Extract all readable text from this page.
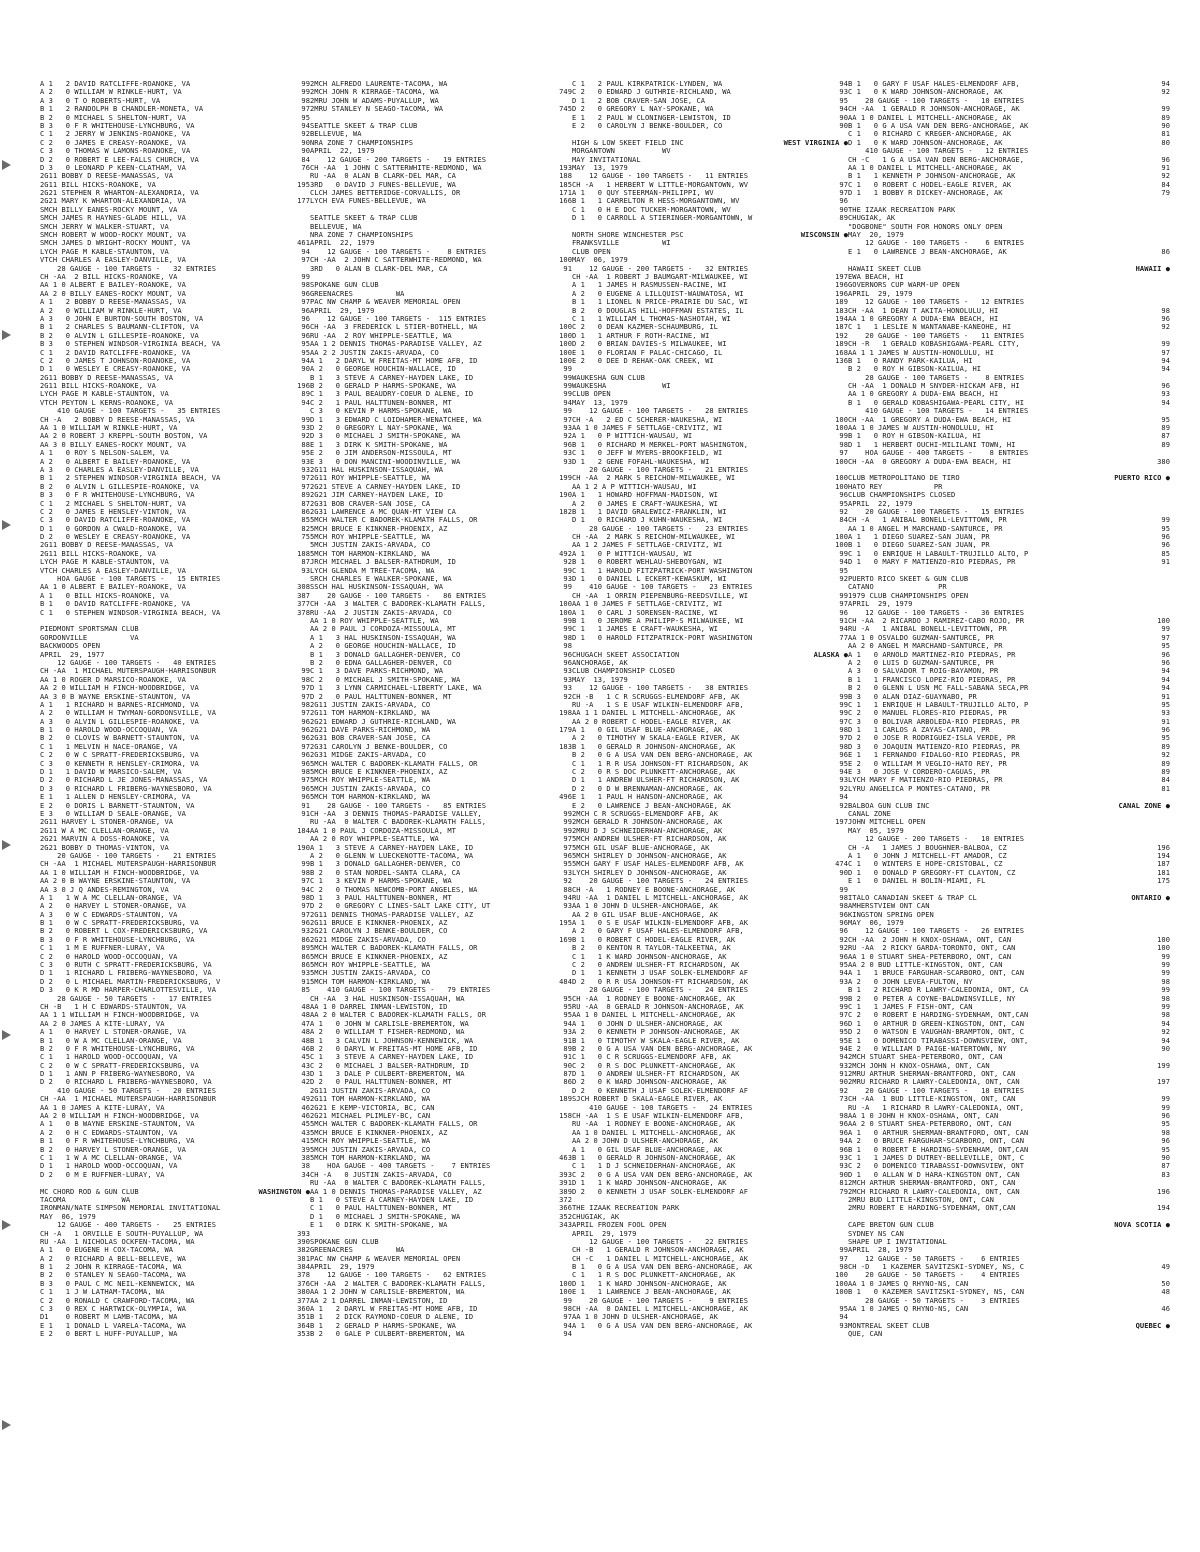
A 1   2 DAVID RATCLIFFE-ROANOKE, VA	99
A 2   0 WILLIAM W RINKLE-HURT, VA	99
A 3   0 T O ROBERTS-HURT, VA	98
B 1   2 RANDOLPH B CHANDLER-MONETA, VA	97
B 2   0 MICHAEL S SHELTON-HURT, VA	95
B 3   0 F R WHITEHOUSE-LYNCHBURG, VA	94
C 1   2 JERRY W JENKINS-ROANOKE, VA	92
C 2   0 JAMES E CREASY-ROANOKE, VA	90
C 3   0 THOMAS W LAMONS-ROANOKE, VA	90
D 2   0 ROBERT E LEE-FALLS CHURCH, VA	84
D 3   0 LEONARD P KEEN-CLATHAM, VA	76
2G11 BOBBY D REESE-MANASSAS, VA
2G11 BILL HICKS-ROANOKE, VA	195
2G21 STEPHEN R WHARTON-ALEXANDRIA, VA
2G21 MARY K WHARTON-ALEXANDRIA, VA	177
SMCH BILLY EANES-ROCKY MOUNT, VA
SMCH JAMES R HAYNES-GLADE HILL, VA
SMCH JERRY W WALKER-STUART, VA
SMCH ROBERT W WOOD-ROCKY MOUNT, VA
SMCH JAMES D WRIGHT-ROCKY MOUNT, VA	461
LYCH PAGE M KABLE-STAUNTON, VA	94
VTCH CHARLES A EASLEY-DANVILLE, VA	97
28 GAUGE - 100 TARGETS -   32 ENTRIES
CH -AA  2 BILL HICKS-ROANOKE, VA	99
AA 1 0 ALBERT E BAILEY-ROANOKE, VA	98
AA 2 0 BILLY EANES-ROCKY MOUNT, VA	96
A 1   2 BOBBY D REESE-MANASSAS, VA	97
A 2   0 WILLIAM W RINKLE-HURT, VA	96
A 3   0 JOHN E BURTON-SOUTH BOSTON, VA	96
B 1   2 CHARLES S BAUMANN-CLIFTON, VA	96
B 2   0 ALVIN L GILLESPIE-ROANOKE, VA	96
B 3   0 STEPHEN WINDSOR-VIRGINIA BEACH, VA	95
C 1   2 DAVID RATCLIFFE-ROANOKE, VA	95
C 2   0 JAMES T JOHNSON-ROANOKE, VA	94
D 1   0 WESLEY E CREASY-ROANOKE, VA	90
2G11 BOBBY D REESE-MANASSAS, VA
2G11 BILL HICKS-ROANOKE, VA	196
LYCH PAGE M KABLE-STAUNTON, VA	89
VTCH PEYTON L KERNS-ROANOKE, VA	94
410 GAUGE - 100 TARGETS -   35 ENTRIES
CH -A   2 BOBBY D REESE-MANASSAS, VA	99
AA 1 0 WILLIAM W RINKLE-HURT, VA	93
AA 2 0 ROBERT J KREPPL-SOUTH BOSTON, VA	92
AA 3 0 BILLY EANES-ROCKY MOUNT, VA	88
A 1   0 ROY S NELSON-SALEM, VA	95
A 2   0 ALBERT E BAILEY-ROANOKE, VA	93
A 3   0 CHARLES A EASLEY-DANVILLE, VA	93
B 1   2 STEPHEN WINDSOR-VIRGINIA BEACH, VA	97
B 2   0 ALVIN L GILLESPIE-ROANOKE, VA	97
B 3   0 F R WHITEHOUSE-LYNCHBURG, VA	89
C 1   2 MICHAEL S SHELTON-HURT, VA	87
C 2   0 JAMES E HENSLEY-VINTON, VA	86
C 3   0 DAVID RATCLIFFE-ROANOKE, VA	85
D 1   0 GORDON A CWALD-ROANOKE, VA	82
D 2   0 WESLEY E CREASY-ROANOKE, VA	75
2G11 BOBBY D REESE-MANASSAS, VA
2G11 BILL HICKS-ROANOKE, VA	188
LYCH PAGE M KABLE-STAUNTON, VA	87
VTCH CHARLES A EASLEY-DANVILLE, VA	93
HOA GAUGE - 100 TARGETS -   15 ENTRIES
AA 1 0 ALBERT E BAILEY-ROANOKE, VA	308
A 1   0 BILL HICKS-ROANOKE, VA	387
B 1   0 DAVID RATCLIFFE-ROANOKE, VA	377
C 1   0 STEPHEN WINDSOR-VIRGINIA BEACH, VA	378
PIEDMONT SPORTSMAN CLUB
GORDONVILLE          VA
BACKWOODS OPEN
APRIL  29, 1977
12 GAUGE - 100 TARGETS -   40 ENTRIES
CH -AA  1 MICHAEL MUTERSPAUGH-HARRISONBUR	99
AA 1 0 ROGER D MARSICO-ROANOKE, VA	98
AA 2 0 WILLIAM H FINCH-WOODBRIDGE, VA	97
AA 3 0 B WAYNE ERSKINE-STAUNTON, VA	97
A 1   1 RICHARD H BARNES-RICHMOND, VA	98
A 2   0 WILLIAM H TWYMAN-GORDONSVILLE, VA	97
A 3   0 ALVIN L GILLESPIE-ROANOKE, VA	96
B 1   0 HAROLD WOOD-OCCOQUAN, VA	96
B 2   0 CLOVIS W BARNETT-STAUNTON, VA	96
C 1   1 MELVIN H NACE-ORANGE, VA	97
C 2   0 W C SPRATT-FREDERICKSBURG, VA	96
C 3   0 KENNETH R HENSLEY-CRIMORA, VA	96
D 1   1 DAVID W MARSICO-SALEM, VA	98
D 2   0 RICHARD L JE JONES-MANASSAS, VA	97
D 3   0 RICHARD L FRIBERG-WAYNESBORO, VA	96
E 1   1 ALLEN D HENSLEY-CRIMORA, VA	96
E 2   0 DORIS L BARNETT-STAUNTON, VA	91
E 3   0 WILLIAM D SEALE-ORANGE, VA	91
2G11 HARVEY L STONER-ORANGE, VA
2G11 W A MC CLELLAN-ORANGE, VA	184
2G21 MARVIN A DOSS-ROANOKE, VA
2G21 BOBBY D THOMAS-VINTON, VA	190
20 GAUGE - 100 TARGETS -   21 ENTRIES
CH -AA  1 MICHAEL MUTERSPAUGH-HARRISONBUR	99
AA 1 0 WILLIAM H FINCH-WOODBRIDGE, VA	98
AA 2 0 B WAYNE ERSKINE-STAUNTON, VA	97
AA 3 0 J Q ANDES-REMINGTON, VA	94
A 1   1 W A MC CLELLAN-ORANGE, VA	98
A 2   0 HARVEY L STONER-ORANGE, VA	97
A 3   0 W C EDWARDS-STAUNTON, VA	97
B 1   0 W C SPRATT-FREDERICKSBURG, VA	96
B 2   0 ROBERT L COX-FREDERICKSBURG, VA	93
B 3   0 F R WHITEHOUSE-LYNCHBURG, VA	86
C 1   1 M E RUFFNER-LURAY, VA	89
C 2   0 HAROLD WOOD-OCCOQUAN, VA	86
C 3   0 RUTH C SPRATT-FREDERICKSBURG, VA	86
D 1   1 RICHARD L FRIBERG-WAYNESBORO, VA	93
D 2   0 L MICHAEL MARTIN-FREDERICKSBURG, V	91
D 3   0 K R MD HARPER-CHARLOTTESVILLE, VA	85
28 GAUGE - 50 TARGETS -   17 ENTRIES
CH -B   1 H C EDWARDS-STAUNTON, VA	48
AA 1 1 WILLIAM H FINCH-WOODBRIDGE, VA	48
AA 2 0 JAMES A KITE-LURAY, VA	47
A 1   0 HARVEY L STONER-ORANGE, VA	48
B 1   0 W A MC CLELLAN-ORANGE, VA	48
B 2   0 F R WHITEHOUSE-LYNCHBURG, VA	46
C 1   1 HAROLD WOOD-OCCOQUAN, VA	45
C 2   0 W C SPRATT-FREDERICKSBURG, VA	43
D 1   1 ANN P FRIBERG-WAYNESBORO, VA	43
D 2   0 RICHARD L FRIBERG-WAYNESBORO, VA	42
410 GAUGE - 50 TARGETS -   20 ENTRIES
CH -AA  1 MICHAEL MUTERSPAUGH-HARRISONBUR	49
AA 1 0 JAMES A KITE-LURAY, VA	46
AA 2 0 WILLIAM H FINCH-WOODBRIDGE, VA	46
A 1   0 B WAYNE ERSKINE-STAUNTON, VA	45
A 2   0 H C EDWARDS-STAUNTON, VA	43
B 1   0 F R WHITEHOUSE-LYNCHBURG, VA	41
B 2   0 HARVEY L STONER-ORANGE, VA	39
C 1   1 W A MC CLELLAN-ORANGE, VA	38
D 1   1 HAROLD WOOD-OCCOQUAN, VA	38
D 2   0 M E RUFFNER-LURAY, VA	34
MC CHORD ROD & GUN CLUB	WASHINGTON ●
TACOMA             WA
IRONMAN/NATE SIMPSON MEMORIAL INVITATIONAL
MAY  06, 1979
12 GAUGE - 400 TARGETS -   25 ENTRIES
CH -A   1 ORVILLE E SOUTH-PUYALLUP, WA	393
RU -AA  1 NICHOLAS OCKFEN-TACOMA, WA	390
A 1   0 EUGENE H COX-TACOMA, WA	382
A 2   0 RICHARD A BELL-BELLEVE, WA	381
B 1   2 JOHN R KIRRAGE-TACOMA, WA	384
B 2   0 STANLEY N SEAGO-TACOMA, WA	378
B 3   0 PAUL C MC NEIL-KENNEWICK, WA	376
C 1   1 J W LATHAM-TACOMA, WA	380
C 2   0 RONALD C CRAWFORD-TACOMA, WA	377
C 3   0 REX C HARTWICK-OLYMPIA, WA	360
D1    0 ROBERT M LAMB-TACOMA, WA	351
E 1   1 DONALD L VARELA-TACOMA, WA	364
E 2   0 BERT L HUFF-PUYALLUP, WA	353
2MCH ALFREDO LAURENTE-TACOMA, WA
2MCH JOHN R KIRRAGE-TACOMA, WA	749
2MRU JOHN W ADAMS-PUYALLUP, WA
2MRU STANLEY N SEAGO-TACOMA, WA	745
SEATTLE SKEET & TRAP CLUB
BELLEVUE, WA
NRA ZONE 7 CHAMPIONSHIPS
APRIL  22, 1979
12 GAUGE - 200 TARGETS -   19 ENTRIES
CH -AA  1 JOHN C SATTERWHITE-REDMOND, WA	193
RU -AA  0 ALAN B CLARK-DEL MAR, CA	188
3RD   0 DAVID J FUNES-BELLEVUE, WA	185
CLCH JAMES BETTERIDGE-CORVALLIS, OR	171
LYCH EVA FUNES-BELLEVUE, WA	166
SEATTLE SKEET & TRAP CLUB
BELLEVUE, WA
NRA ZONE 7 CHAMPIONSHIPS
APRIL  22, 1979
12 GAUGE - 100 TARGETS -    8 ENTRIES
CH -AA  2 JOHN C SATTERWHITE-REDMOND, WA	100
3RD   0 ALAN B CLARK-DEL MAR, CA	91
SPOKANE GUN CLUB
GREENACRES          WA
PAC NW CHAMP & WEAVER MEMORIAL OPEN
APRIL  29, 1979
12 GAUGE - 100 TARGETS -  115 ENTRIES
CH -AA  3 FREDERICK L STIER-BOTHELL, WA	100
RU -AA  2 ROY WHIPPLE-SEATTLE, WA	100
AA 1 2 DENNIS THOMAS-PARADISE VALLEY, AZ	100
AA 2 2 JUSTIN ZAKIS-ARVADA, CO	100
A 1   2 DARYL W FREITAS-MT HOME AFB, ID	100
A 2   0 GEORGE HOUCHIN-WALLACE, ID	99
B 1   3 STEVE A CARNEY-HAYDEN LAKE, ID	99
B 2   0 GERALD P HARMS-SPOKANE, WA	99
C 1   3 PAUL BEAUDRY-COEUR D ALENE, ID	99
C 2   1 PAUL HALTTUNEN-BONNER, MT	94
C 3   0 KEVIN P HARMS-SPOKANE, WA	99
D 1   3 EDWARD C LOIDHAMER-WENATCHEE, WA	97
D 2   0 GREGORY L NAY-SPOKANE, WA	93
D 3   0 MICHAEL J SMITH-SPOKANE, WA	92
E 1   3 DIRK K SMITH-SPOKANE, WA	96
E 2   0 JIM ANDERSON-MISSOULA, MT	93
E 3   0 DON MANCINI-WOODINVILLE, WA	93
2G11 HAL HUSKINSON-ISSAQUAH, WA
2G11 ROY WHIPPLE-SEATTLE, WA	199
2G21 STEVE A CARNEY-HAYDEN LAKE, ID
2G21 JIM CARNEY-HAYDEN LAKE, ID	190
2G31 BOB CRAVER-SAN JOSE, CA
2G31 LAWRENCE A MC QUAN-MT VIEW CA	182
5MCH WALTER C BADOREK-KLAMATH FALLS, OR
5MCH BRUCE E KINKNER-PHOENIX, AZ
5MCH ROY WHIPPLE-SEATTLE, WA
5MCH JUSTIN ZAKIS-ARVADA, CO
5MCH TOM HARMON-KIRKLAND, WA	492
JRCH MICHAEL J BALSER-RATHDRUM, ID	92
LYCH GLENDA M TREE-TACOMA, WA	99
SRCH CHARLES E WALKER-SPOKANE, WA	93
SSCH HAL HUSKINSON-ISSAQUAH, WA	99
20 GAUGE - 100 TARGETS -   86 ENTRIES
CH -AA  3 WALTER C BADOREK-KLAMATH FALLS,	100
RU -AA  2 JUSTIN ZAKIS-ARVADA, CO	100
AA 1 0 ROY WHIPPLE-SEATTLE, WA	99
AA 2 0 PAUL J CORDOZA-MISSOULA, MT	99
A 1   3 HAL HUSKINSON-ISSAQUAH, WA	98
A 2   0 GEORGE HOUCHIN-WALLACE, ID	98
B 1   3 DONALD GALLAGHER-DENVER, CO	96
B 2   0 EDNA GALLAGHER-DENVER, CO	96
C 1   3 DAVE PARKS-RICHMOND, WA	93
C 2   0 MICHAEL J SMITH-SPOKANE, WA	93
D 1   3 LYNN CARMICHAEL-LIBERTY LAKE, WA	93
D 2   0 PAUL HALTTUNEN-BONNER, MT	92
2G11 JUSTIN ZAKIS-ARVADA, CO
2G11 TOM HARMON-KIRKLAND, WA	198
2G21 EDWARD J GUTHRIE-RICHLAND, WA
2G21 DAVE PARKS-RICHMOND, WA	179
2G31 BOB CRAVER-SAN JOSE, CA
2G31 CAROLYN J BENKE-BOULDER, CO	183
2G31 MIDGE ZAKIS-ARVADA, CO
5MCH WALTER C BADOREK-KLAMATH FALLS, OR
5MCH BRUCE E KINKNER-PHOENIX, AZ
5MCH ROY WHIPPLE-SEATTLE, WA
5MCH JUSTIN ZAKIS-ARVADA, CO
5MCH TOM HARMON-KIRKLAND, WA	496
28 GAUGE - 100 TARGETS -   85 ENTRIES
CH -AA  3 DENNIS THOMAS-PARADISE VALLEY,	99
RU -AA  0 WALTER C BADOREK-KLAMATH FALLS,	99
AA 1 0 PAUL J CORDOZA-MISSOULA, MT	99
AA 2 0 ROY WHIPPLE-SEATTLE, WA	97
A 1   3 STEVE A CARNEY-HAYDEN LAKE, ID	97
A 2   0 GLENN W LUECKENOTTE-TACOMA, WA	96
B 1   3 DONALD GALLAGHER-DENVER, CO	95
B 2   0 STAN NORDEL-SANTA CLARA, CA	93
C 1   3 KEVIN P HARMS-SPOKANE, WA	92
C 2   0 THOMAS NEWCOMB-PORT ANGELES, WA	88
D 1   3 PAUL HALTTUNEN-BONNER, MT	94
D 2   0 GREGORY C LINES-SALT LAKE CITY, UT	93
2G11 DENNIS THOMAS-PARADISE VALLEY, AZ
2G11 BRUCE E KINKNER-PHOENIX, AZ	195
2G21 CAROLYN J BENKE-BOULDER, CO
2G21 MIDGE ZAKIS-ARVADA, CO	169
5MCH WALTER C BADOREK-KLAMATH FALLS, OR
5MCH BRUCE E KINKNER-PHOENIX, AZ
5MCH ROY WHIPPLE-SEATTLE, WA
5MCH JUSTIN ZAKIS-ARVADA, CO
5MCH TOM HARMON-KIRKLAND, WA	484
410 GAUGE - 100 TARGETS -   79 ENTRIES
CH -AA  3 HAL HUSKINSON-ISSAQUAH, WA	95
AA 1 0 DARREL INMAN-LEWISTON, ID	95
AA 2 0 WALTER C BADOREK-KLAMATH FALLS, OR	95
A 1   0 JOHN W CARLISLE-BREMERTON, WA	94
A 2   0 WILLIAM T FISHER-REDMOND, WA	93
B 1   3 CALVIN L JOHNSON-KENNEWICK, WA	91
B 2   0 DARYL W FREITAS-MT HOME AFB, ID	89
C 1   3 STEVE A CARNEY-HAYDEN LAKE, ID	91
C 2   0 MICHAEL J BALSER-RATHDRUM, ID	90
D 1   3 DALE P CULBERT-BREMERTON, WA	87
D 2   0 PAUL HALTTUNEN-BONNER, MT	86
2G11 JUSTIN ZAKIS-ARVADA, CO
2G11 TOM HARMON-KIRKLAND, WA	189
2G21 E KEMP-VICTORIA, BC, CAN
2G21 MICHAEL PLIMLEY-BC, CAN	158
5MCH WALTER C BADOREK-KLAMATH FALLS, OR
5MCH BRUCE E KINKNER-PHOENIX, AZ
5MCH ROY WHIPPLE-SEATTLE, WA
5MCH JUSTIN ZAKIS-ARVADA, CO
5MCH TOM HARMON-KIRKLAND, WA	463
HOA GAUGE - 400 TARGETS -    7 ENTRIES
CH -A   0 JUSTIN ZAKIS-ARVADA, CO	393
RU -AA  0 WALTER C BADOREK-KLAMATH FALLS,	391
AA 1 0 DENNIS THOMAS-PARADISE VALLEY, AZ	389
B 1   0 STEVE A CARNEY-HAYDEN LAKE, ID	372
C 1   0 PAUL HALTTUNEN-BONNER, MT	366
D 1   0 MICHAEL J SMITH-SPOKANE, WA	352
E 1   0 DIRK K SMITH-SPOKANE, WA	343
SPOKANE GUN CLUB
GREENACRES          WA
PAC NW CHAMP & WEAVER MEMORIAL OPEN
APRIL  29, 1979
12 GAUGE - 100 TARGETS -   62 ENTRIES
CH -AA  2 WALTER C BADOREK-KLAMATH FALLS,	100
AA 1 2 JOHN W CARLISLE-BREMERTON, WA	100
AA 2 1 DARREL INMAN-LEWISTON, ID	99
A 1   2 DARYL W FREITAS-MT HOME AFB, ID	98
B 1   2 DICK RAYMOND-COEUR D ALENE, ID	97
B 1   2 GERALD P HARMS-SPOKANE, WA	94
B 2   0 GALE P CULBERT-BREMERTON, WA	94
C 1   2 PAUL KIRKPATRICK-LYNDEN, WA	94
C 2   0 EDWARD J GUTHRIE-RICHLAND, WA	93
D 1   2 BOB CRAVER-SAN JOSE, CA	95
D 2   0 GREGORY L NAY-SPOKANE, WA	94
E 1   2 PAUL W CLONINGER-LEWISTON, ID	90
E 2   0 CAROLYN J BENKE-BOULDER, CO	90
HIGH & LOW SKEET FIELD INC	WEST VIRGINIA ●
MORGANTOWN           WV
MAY INVITATIONAL
MAY  13, 1979
12 GAUGE - 100 TARGETS -   11 ENTRIES
CH -A   1 HERBERT W LITTLE-MORGANTOWN, WV	97
A 1   0 QUY STEERMAN-PHILIPPI, WV	97
B 1   1 CARRELTON R HESS-MORGANTOWN, WV	96
C 1   0 H E DOC TUCKER-MORGANTOWN, WV	90
D 1   0 CARROLL A STIERINGER-MORGANTOWN, W	89
NORTH SHORE WINCHESTER PSC	WISCONSIN ●
FRANKSVILLE          WI
CLUB OPEN
MAY  06, 1979
12 GAUGE - 200 TARGETS -   32 ENTRIES
CH -AA  1 ROBERT J BAUMGART-MILWAUKEE, WI	197
A 1   1 JAMES H RASMUSSEN-RACINE, WI	196
A 2   0 EUGENE A LILLQUIST-WAUWATOSA, WI	196
B 1   1 LIONEL N PRICE-PRAIRIE DU SAC, WI	189
B 2   0 DOUGLAS HILL-HOFFMAN ESTATES, IL	183
C 1   1 WILLIAM L THOMAS-NASHOTAH, WI	194
C 2   0 DEAN KAZMER-SCHAUMBURG, IL	187
D 1   1 ARTHUR F ROTH-RACINE, WI	192
D 2   0 BRIAN DAVIES-S MILWAUKEE, WI	189
E 1   0 FLORIAN F PALAC-CHICAGO, IL	168
E 2   0 DEE D REHAK-OAK CREEK, WI	136
WAUKESHA GUN CLUB
WAUKESHA             WI
CLUB OPEN
MAY  13, 1979
12 GAUGE - 100 TARGETS -   28 ENTRIES
CH -A   2 ED C SCHERER-WAUKESHA, WI	100
AA 1 0 JAMES F SETTLAGE-CRIVITZ, WI	100
A 1   0 P WITTICH-WAUSAU, WI	99
B 1   0 RICHARD M MERKEL-PORT WASHINGTON,	98
C 1   0 JEFF W MYERS-BROOKFIELD, WI	97
D 1   2 GENE FOFAHL-WAUKESHA, WI	100
20 GAUGE - 100 TARGETS -   21 ENTRIES
CH -AA  2 MARK S REICHOW-MILWAUKEE, WI	100
AA 1 2 A P WITTICH-WAUSAU, WI	100
A 1   1 HOWARD HOFFMAN-MADISON, WI	96
A 2   0 JAMES E CRAFT-WAUKESHA, WI	95
B 1   1 DAVID GRALEWICZ-FRANKLIN, WI	92
D 1   0 RICHARD J KUHN-WAUKESHA, WI	84
28 GAUGE - 100 TARGETS -   23 ENTRIES
CH -AA  2 MARK S REICHOW-MILWAUKEE, WI	100
AA 1 2 JAMES F SETTLAGE-CRIVITZ, WI	100
A 1   0 P WITTICH-WAUSAU, WI	99
B 1   0 ROBERT WEHLAU-SHEBOYGAN, WI	94
C 1   1 HAROLD FITZPATRICK-PORT WASHINGTON	95
D 1   0 DANIEL L ECKERT-KEWASKUM, WI	92
410 GAUGE - 100 TARGETS -   23 ENTRIES
CH -AA  1 ORRIN PIEPENBURG-REEDSVILLE, WI	99
AA 1 0 JAMES F SETTLAGE-CRIVITZ, WI	97
A 1   0 CARL J SORENSEN-RACINE, WI	96
B 1   0 JEROME A PHILIPP-S MILWAUKEE, WI	91
C 1   1 JAMES E CRAFT-WAUKESHA, WI	94
D 1   0 HAROLD FITZPATRICK-PORT WASHINGTON	77
CHUGACH SKEET ASSOCIATION	ALASKA ●
ANCHORAGE, AK
CLUB CHAMPIONSHIP CLOSED
MAY  13, 1979
12 GAUGE - 100 TARGETS -   38 ENTRIES
CH -B   1 C R SCRUGGS-ELMENDORF AFB, AK	99
RU -A   1 S E USAF WILKIN-ELMENDORF AFB,	99
AA 1 1 DANIEL L MITCHELL-ANCHORAGE, AK	99
AA 2 0 ROBERT C HODEL-EAGLE RIVER, AK	97
A 1   0 GIL USAF BLUE-ANCHORAGE, AK	98
A 2   0 TIMOTHY W SKALA-EAGLE RIVER, AK	97
B 1   0 GERALD R JOHNSON-ANCHORAGE, AK	98
B 2   0 G A USA VAN DEN BERG-ANCHORAGE, AK	96
C 1   1 R R USA JOHNSON-FT RICHARDSON, AK	95
C 2   0 R S DOC PLUNKETT-ANCHORAGE, AK	94
D 1   1 ANDREW ULSHER-FT RICHARDSON, AK	93
D 2   0 D W BRENNAMAN-ANCHORAGE, AK	92
E 1   1 PAUL H HANSON-ANCHORAGE, AK	94
E 2   0 LAWRENCE J BEAN-ANCHORAGE, AK	92
2MCH C R SCRUGGS-ELMENDORF AFB, AK
2MCH GERALD R JOHNSON-ANCHORAGE, AK	197
2MRU D J SCHNEIDERHAN-ANCHORAGE, AK
5MCH ANDREW ULSHER-FT RICHARDSON, AK
5MCH GIL USAF BLUE-ANCHORAGE, AK
5MCH SHIRLEY D JOHNSON-ANCHORAGE, AK
5MCH GARY F USAF HALES-ELMENDORF AFB, AK	474
LYCH SHIRLEY D JOHNSON-ANCHORAGE, AK	90
20 GAUGE - 100 TARGETS -   24 ENTRIES
CH -A   1 RODNEY E BOONE-ANCHORAGE, AK	99
RU -AA  1 DANIEL L MITCHELL-ANCHORAGE, AK	98
AA 1 0 JOHN D ULSHER-ANCHORAGE, AK	98
AA 2 0 GIL USAF BLUE-ANCHORAGE, AK	96
A 1   0 S E USAF WILKIN-ELMENDORF AFB, AK	96
A 2   0 GARY F USAF HALES-ELMENDORF AFB,	96
B 1   0 ROBERT C HODEL-EAGLE RIVER, AK	92
B 2   0 KENTON R TAYLOR-TALKEETNA, AK	92
C 1   1 K WARD JOHNSON-ANCHORAGE, AK	96
C 2   0 ANDREW ULSHER-FT RICHARDSON, AK	95
D 1   1 KENNETH J USAF SOLEK-ELMENDORF AF	94
D 2   0 R R USA JOHNSON-FT RICHARDSON, AK	93
28 GAUGE - 100 TARGETS -   24 ENTRIES
CH -AA  1 RODNEY E BOONE-ANCHORAGE, AK	99
RU -AA  0 GERALD R JOHNSON-ANCHORAGE, AK	99
AA 1 0 DANIEL L MITCHELL-ANCHORAGE, AK	97
A 1   0 JOHN D ULSHER-ANCHORAGE, AK	96
A 2   0 KENNETH P JOHNSON-ANCHORAGE, AK	95
B 1   0 TIMOTHY W SKALA-EAGLE RIVER, AK	95
B 2   0 G A USA VAN DEN BERG-ANCHORAGE, AK	94
C 1   0 C R SCRUGGS-ELMENDORF AFB, AK	94
C 2   0 R S DOC PLUNKETT-ANCHORAGE, AK	93
D 1   0 ANDREW ULSHER-FT RICHARDSON, AK	91
D 2   0 K WARD JOHNSON-ANCHORAGE, AK	90
D 2   0 KENNETH J USAF SOLEK-ELMENDORF AF	92
SJCH ROBERT D SKALA-EAGLE RIVER, AK	73
410 GAUGE - 100 TARGETS -   24 ENTRIES
CH -AA  1 S E USAF WILKIN-ELMENDORF AFB,	98
RU -AA  1 RODNEY E BOONE-ANCHORAGE, AK	96
AA 1 0 DANIEL L MITCHELL-ANCHORAGE, AK	96
AA 2 0 JOHN D ULSHER-ANCHORAGE, AK	94
A 1   0 GIL USAF BLUE-ANCHORAGE, AK	96
B 1   0 GERALD R JOHNSON-ANCHORAGE, AK	93
C 1   1 D J SCHNEIDERHAN-ANCHORAGE, AK	93
C 2   0 G A USA VAN DEN BERG-ANCHORAGE, AK	90
D 1   1 K WARD JOHNSON-ANCHORAGE, AK	81
D 2   0 KENNETH J USAF SOLEK-ELMENDORF AF	79
THE IZAAK RECREATION PARK
CHUGIAK, AK
APRIL FROZEN FOOL OPEN
APRIL  29, 1979
12 GAUGE - 100 TARGETS -   22 ENTRIES
CH -B   1 GERALD R JOHNSON-ANCHORAGE, AK	99
CH -C   1 DANIEL L MITCHELL-ANCHORAGE, AK	97
B 1   0 G A USA VAN DEN BERG-ANCHORAGE, AK	98
C 1   1 R S DOC PLUNKETT-ANCHORAGE, AK	100
D 1   1 K WARD JOHNSON-ANCHORAGE, AK	100
E 1   1 LAWRENCE J BEAN-ANCHORAGE, AK	100
20 GAUGE - 100 TARGETS -    9 ENTRIES
CH -AA  0 DANIEL L MITCHELL-ANCHORAGE, AK	95
AA 1 0 JOHN D ULSHER-ANCHORAGE, AK	94
A 1   0 G A USA VAN DEN BERG-ANCHORAGE, AK	93
B 1   0 GARY F USAF HALES-ELMENDORF AFB,	94
C 1   0 K WARD JOHNSON-ANCHORAGE, AK	92
28 GAUGE - 100 TARGETS -   10 ENTRIES
CH -AA  1 GERALD R JOHNSON-ANCHORAGE, AK	99
AA 1 0 DANIEL L MITCHELL-ANCHORAGE, AK	89
B 1   0 G A USA VAN DEN BERG-ANCHORAGE, AK	90
C 1   0 RICHARD C KREGER-ANCHORAGE, AK	81
D 1   0 K WARD JOHNSON-ANCHORAGE, AK	80
410 GAUGE - 100 TARGETS -   12 ENTRIES
CH -C   1 G A USA VAN DEN BERG-ANCHORAGE,	96
AA 1 0 DANIEL L MITCHELL-ANCHORAGE, AK	91
B 1   1 KENNETH P JOHNSON-ANCHORAGE, AK	92
C 1   0 ROBERT C HODEL-EAGLE RIVER, AK	84
D 1   1 BOBBY R DICKEY-ANCHORAGE, AK	79
THE IZAAK RECREATION PARK
CHUGIAK, AK
"DOGBONE" SOUTH FOR HONORS ONLY OPEN
MAY  20, 1979
12 GAUGE - 100 TARGETS -    6 ENTRIES
E 1   0 LAWRENCE J BEAN-ANCHORAGE, AK	86
HAWAII SKEET CLUB	HAWAII ●
EWA BEACH, HI
GOVERNORS CUP WARM-UP OPEN
APRIL  29, 1979
12 GAUGE - 100 TARGETS -   12 ENTRIES
CH -AA  1 DEAN T AKITA-HONOLULU, HI	98
AA 1 0 GREGORY A DUDA-EWA BEACH, HI	96
C 1   1 LESLIE N WANTANABE-KANEOHE, HI	92
20 GAUGE - 100 TARGETS -   11 ENTRIES
CH -R   1 GERALD KOBASHIGAWA-PEARL CITY,	99
AA 1 1 JAMES W AUSTIN-HONOLULU, HI	97
B 1   0 RANDY PARK-KAILUA, HI	94
B 2   0 ROY H GIBSON-KAILUA, HI	94
28 GAUGE - 100 TARGETS -    8 ENTRIES
CH -AA  1 DONALD M SNYDER-HICKAM AFB, HI	96
AA 1 0 GREGORY A DUDA-EWA BEACH, HI	93
B 1   0 GERALD KOBASHIGAWA-PEARL CITY, HI	94
410 GAUGE - 100 TARGETS -   14 ENTRIES
CH -AA  1 GREGORY A DUDA-EWA BEACH, HI	95
AA 1 0 JAMES W AUSTIN-HONOLULU, HI	89
B 1   0 ROY H GIBSON-KAILUA, HI	87
D 1   1 HERBERT OUCHI-MILILANI TOWN, HI	89
HOA GAUGE - 400 TARGETS -    8 ENTRIES
CH -AA  0 GREGORY A DUDA-EWA BEACH, HI	380
CLUB METROPOLITANO DE TIRO	PUERTO RICO ●
HATO REY            PR
CLUB CHAMPIONSHIPS CLOSED
APRIL  22, 1979
20 GAUGE - 100 TARGETS -   15 ENTRIES
CH -A   1 ANIBAL BONELL-LEVITTOWN, PR	99
AA 1 0 ANGEL M MARCHAND-SANTURCE, PR	95
A 1   1 DIEGO SUAREZ-SAN JUAN, PR	96
B 1   0 DIEGO SUAREZ-SAN JUAN, PR	96
C 1   0 ENRIQUE H LABAULT-TRUJILLO ALTO, P	85
D 1   0 MARY F MATIENZO-RIO PIEDRAS, PR	91
PUERTO RICO SKEET & GUN CLUB
CATANO               PR
1979 CLUB CHAMPIONSHIPS OPEN
APRIL  29, 1979
12 GAUGE - 100 TARGETS -   36 ENTRIES
CH -AA  2 RICARDO J RAMIREZ-CABO ROJO, PR	100
RU -A   1 ANIBAL BONELL-LEVITTOWN, PR	99
AA 1 0 OSVALDO GUZMAN-SANTURCE, PR	97
AA 2 0 ANGEL M MARCHAND-SANTURCE, PR	95
A 1   0 ARNOLD MARTINEZ-RIO PIEDRAS, PR	96
A 2   0 LUIS D GUZMAN-SANTURCE, PR	96
A 3   0 SALVADOR T ROIG-BAYAMON, PR	94
B 1   1 FRANCISCO LOPEZ-RIO PIEDRAS, PR	94
B 2   0 GLENN L USN MC FALL-SABANA SECA,PR	94
B 3   0 ALAN DIAZ-GUAYNABO, PR	91
C 1   1 ENRIQUE H LABAULT-TRUJILLO ALTO, P	95
C 2   0 MANUEL FLORES-RIO PIEDRAS, PR	93
C 3   0 BOLIVAR ARBOLEDA-RIO PIEDRAS, PR	91
D 1   1 CARLOS A ZAYAS-CATANO, PR	96
D 2   0 JOSE R RODRIGUEZ-ISLA VERDE, PR	95
D 3   0 JOAQUIN MATIENZO-RIO PIEDRAS, PR	89
E 1   1 FERNANDO FIDALGO-RIO PIEDRAS, PR	92
E 2   0 WILLIAM M VEGLIO-HATO REY, PR	89
E 3   0 JOSE V CORDERO-CAGUAS, PR	89
LYCH MARY F MATIENZO-RIO PIEDRAS, PR	84
LYRU ANGELICA P MONTES-CATANO, PR	81
BALBOA GUN CLUB INC	CANAL ZONE ●
CANAL ZONE
JOHN MITCHELL OPEN
MAY  05, 1979
12 GAUGE - 200 TARGETS -   10 ENTRIES
CH -A   1 JAMES J BOUGHNER-BALBOA, CZ	196
A 1   0 JOHN J MITCHELL-FT AMADOR, CZ	194
C 1   0 WINTERS E HOPE-CRISTOBAL, CZ	187
D 1   0 DONALD P GREGORY-FT CLAYTON, CZ	181
E 1   0 DANIEL H BOLIN-MIAMI, FL	175
ITALO CANADIAN SKEET & TRAP CL	ONTARIO ●
AMHERSTVIEW ONT CAN
KINGSTON SPRING OPEN
MAY  06, 1979
12 GAUGE - 100 TARGETS -   26 ENTRIES
CH -AA  2 JOHN H KNOX-OSHAWA, ONT, CAN	100
RU -AA  2 RICKY GARDA-TORONTO, ONT, CAN	100
AA 1 0 STUART SHEA-PETERBORO, ONT, CAN	99
AA 2 0 BUD LITTLE-KINGSTON, ONT, CAN	99
A 1   1 BRUCE FARGUHAR-SCARBORO, ONT, CAN	99
A 2   0 JOHN LEVEA-FULTON, NY	98
B 1   2 RICHARD R LAWRY-CALEDONIA, ONT, CA	99
B 2   0 PETER A COYNE-BALDWINSVILLE, NY	98
C 1   1 JAMES F FISH-ONT, CAN	99
C 2   0 ROBERT E HARDING-SYDENHAM, ONT,CAN	98
D 1   0 ARTHUR D GREEN-KINGSTON, ONT, CAN	94
D 2   0 WATSON E VAUGHAN-BRAMPTON, ONT, C	92
E 1   0 DOMENICO TIRABASSI-DOWNSVIEW, ONT,	94
E 2   0 WILLIAM D PAIGE-WATERTOWN, NY	90
2MCH STUART SHEA-PETERBORO, ONT, CAN
2MCH JOHN H KNOX-OSHAWA, ONT, CAN	199
2MRU ARTHUR SHERMAN-BRANTFORD, ONT, CAN
2MRU RICHARD R LAWRY-CALEDONIA, ONT, CAN	197
20 GAUGE - 100 TARGETS -   18 ENTRIES
CH -AA  1 BUD LITTLE-KINGSTON, ONT, CAN	99
RU -A   1 RICHARD R LAWRY-CALEDONIA, ONT,	99
AA 1 0 JOHN H KNOX-OSHAWA, ONT, CAN	96
AA 2 0 STUART SHEA-PETERBORO, ONT, CAN	95
A 1   0 ARTHUR SHERMAN-BRANTFORD, ONT, CAN	98
A 2   0 BRUCE FARGUHAR-SCARBORO, ONT, CAN	96
B 1   0 ROBERT E HARDING-SYDENHAM, ONT,CAN	95
C 1   1 JAMES D DUTREY-BELLEVILLE, ONT, C	90
C 2   0 DOMENICO TIRABASSI-DOWNSVIEW, ONT	87
D 1   0 ALLAN W D HARA-KINGSTON ONT, CAN	83
2MCH ARTHUR SHERMAN-BRANTFORD, ONT, CAN
2MCH RICHARD R LAWRY-CALEDONIA, ONT, CAN	196
2MRU BUD LITTLE-KINGSTON, ONT, CAN
2MRU ROBERT E HARDING-SYDENHAM, ONT,CAN	194
CAPE BRETON GUN CLUB	NOVA SCOTIA ●
SYDNEY NS CAN
SHAPE UP I INVITATIONAL
APRIL  28, 1979
12 GAUGE - 50 TARGETS -    6 ENTRIES
CH -D   1 KAZEMER SAVITZSKI-SYDNEY, NS, C	49
20 GAUGE - 50 TARGETS -    4 ENTRIES
AA 1 0 JAMES Q RHYNO-NS, CAN	50
B 1   0 KAZEMER SAVITZSKI-SYDNEY, NS, CAN	48
28 GAUGE - 50 TARGETS -    3 ENTRIES
AA 1 0 JAMES Q RHYNO-NS, CAN	46
MONTREAL SKEET CLUB	QUEBEC ●
QUE, CAN
